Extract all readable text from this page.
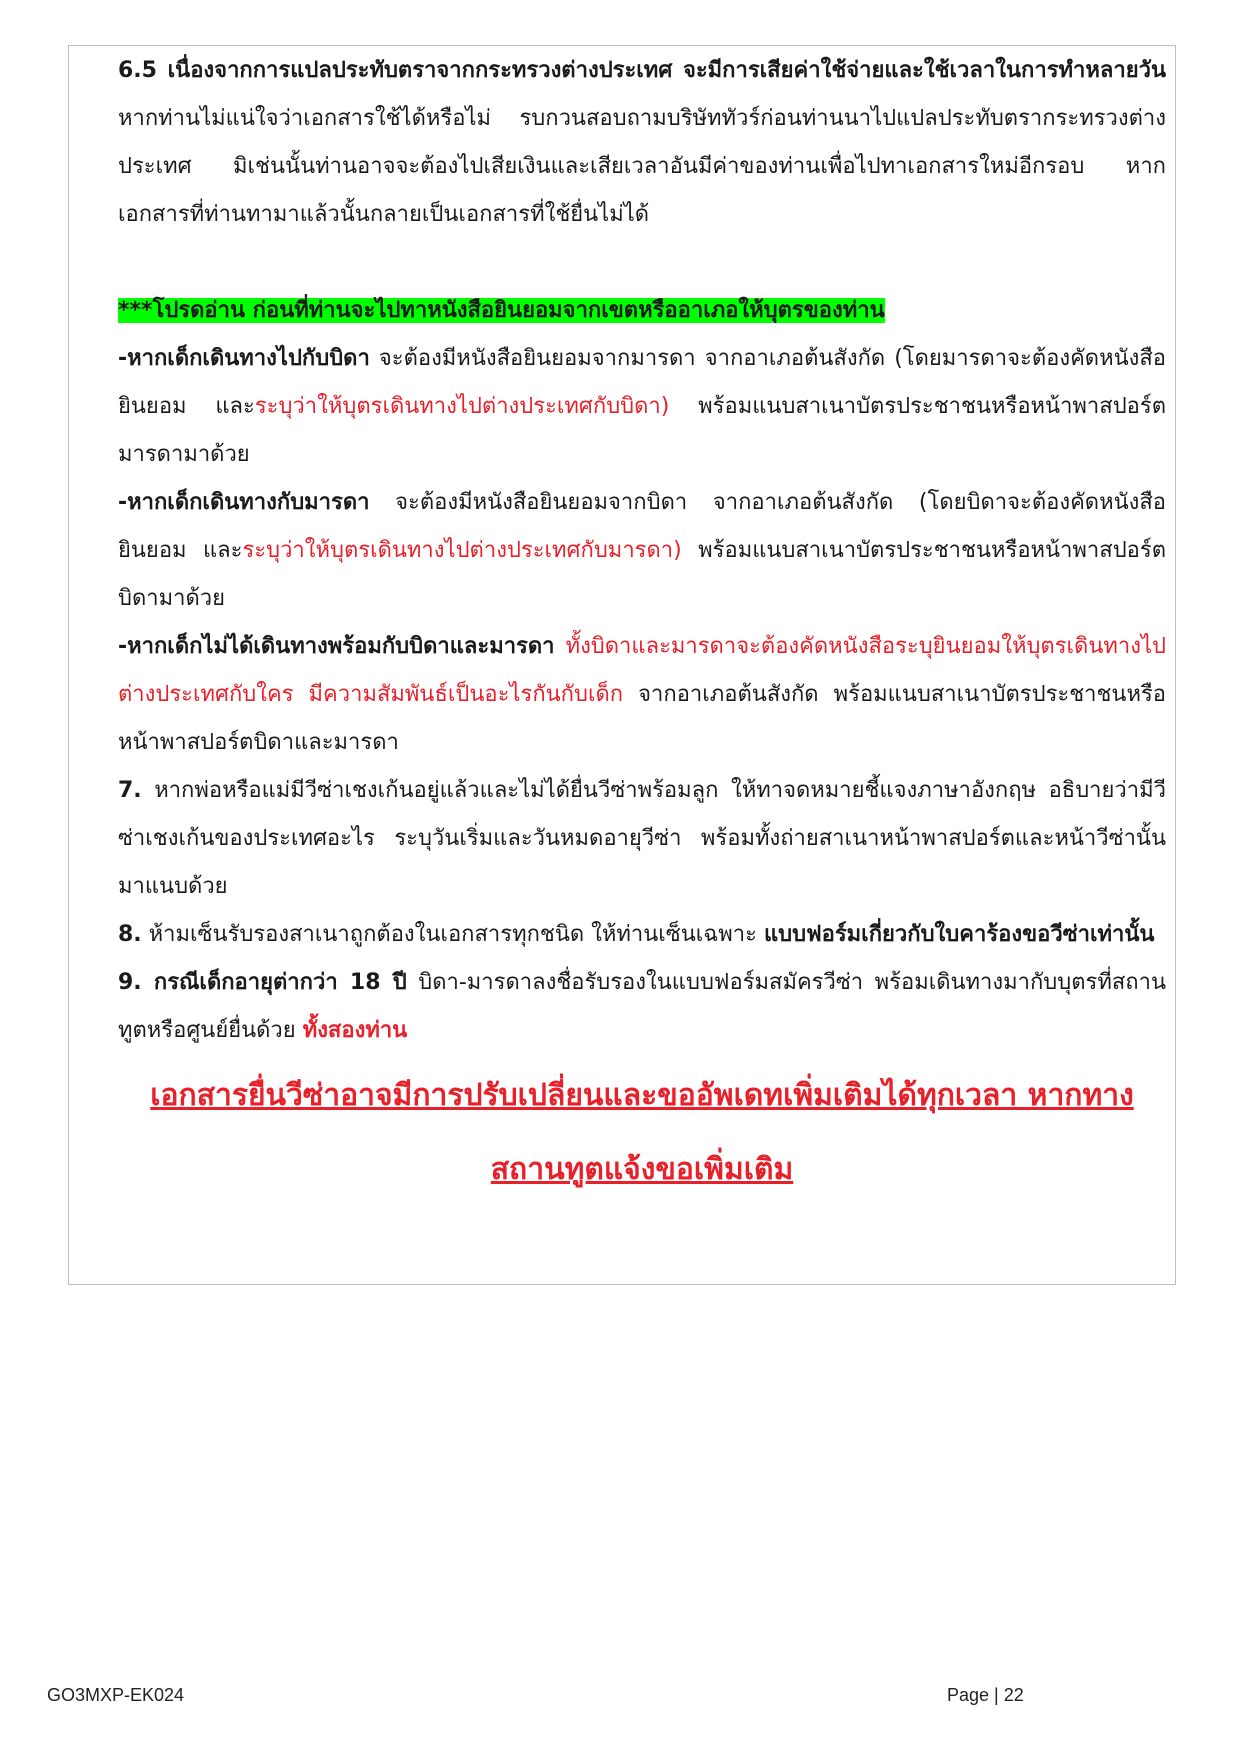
6.5 เนื่องจากการแปลประทับตราจากกระทรวงต่างประเทศ จะมีการเสียค่าใช้จ่ายและใช้เวลาในการทำหลายวัน หากท่านไม่แน่ใจว่าเอกสารใช้ได้หรือไม่ รบกวนสอบถามบริษัททัวร์ก่อนท่านนาไปแปลประทับตรากระทรวงต่างประเทศ มิเช่นนั้นท่านอาจจะต้องไปเสียเงินและเสียเวลาอันมีค่าของท่านเพื่อไปทาเอกสารใหม่อีกรอบ หากเอกสารที่ท่านทามาแล้วนั้นกลายเป็นเอกสารที่ใช้ยื่นไม่ได้

***โปรดอ่าน ก่อนที่ท่านจะไปทาหนังสือยินยอมจากเขตหรืออาเภอให้บุตรของท่าน

-หากเด็กเดินทางไปกับบิดา จะต้องมีหนังสือยินยอมจากมารดา จากอาเภอต้นสังกัด (โดยมารดาจะต้องคัดหนังสือยินยอม และระบุว่าให้บุตรเดินทางไปต่างประเทศกับบิดา) พร้อมแนบสาเนาบัตรประชาชนหรือหน้าพาสปอร์ตมารดามาด้วย

-หากเด็กเดินทางกับมารดา จะต้องมีหนังสือยินยอมจากบิดา จากอาเภอต้นสังกัด (โดยบิดาจะต้องคัดหนังสือยินยอม และระบุว่าให้บุตรเดินทางไปต่างประเทศกับมารดา) พร้อมแนบสาเนาบัตรประชาชนหรือหน้าพาสปอร์ตบิดามาด้วย

-หากเด็กไม่ได้เดินทางพร้อมกับบิดาและมารดา ทั้งบิดาและมารดาจะต้องคัดหนังสือระบุยินยอมให้บุตรเดินทางไปต่างประเทศกับใคร มีความสัมพันธ์เป็นอะไรกันกับเด็ก จากอาเภอต้นสังกัด พร้อมแนบสาเนาบัตรประชาชนหรือหน้าพาสปอร์ตบิดาและมารดา

7. หากพ่อหรือแม่มีวีซ่าเชงเก้นอยู่แล้วและไม่ได้ยื่นวีซ่าพร้อมลูก ให้ทาจดหมายชี้แจงภาษาอังกฤษ อธิบายว่ามีวีซ่าเชงเก้นของประเทศอะไร ระบุวันเริ่มและวันหมดอายุวีซ่า พร้อมทั้งถ่ายสาเนาหน้าพาสปอร์ตและหน้าวีซ่านั้นมาแนบด้วย

8. ห้ามเซ็นรับรองสาเนาถูกต้องในเอกสารทุกชนิด ให้ท่านเซ็นเฉพาะ แบบฟอร์มเกี่ยวกับใบคาร้องขอวีซ่าเท่านั้น

9. กรณีเด็กอายุต่ากว่า 18 ปี บิดา-มารดาลงชื่อรับรองในแบบฟอร์มสมัครวีซ่า พร้อมเดินทางมากับบุตรที่สถานทูตหรือศูนย์ยื่นด้วย ทั้งสองท่าน

เอกสารยื่นวีซ่าอาจมีการปรับเปลี่ยนและขออัพเดทเพิ่มเติมได้ทุกเวลา หากทาง
สถานทูตแจ้งขอเพิ่มเติม
GO3MXP-EK024	Page | 22
